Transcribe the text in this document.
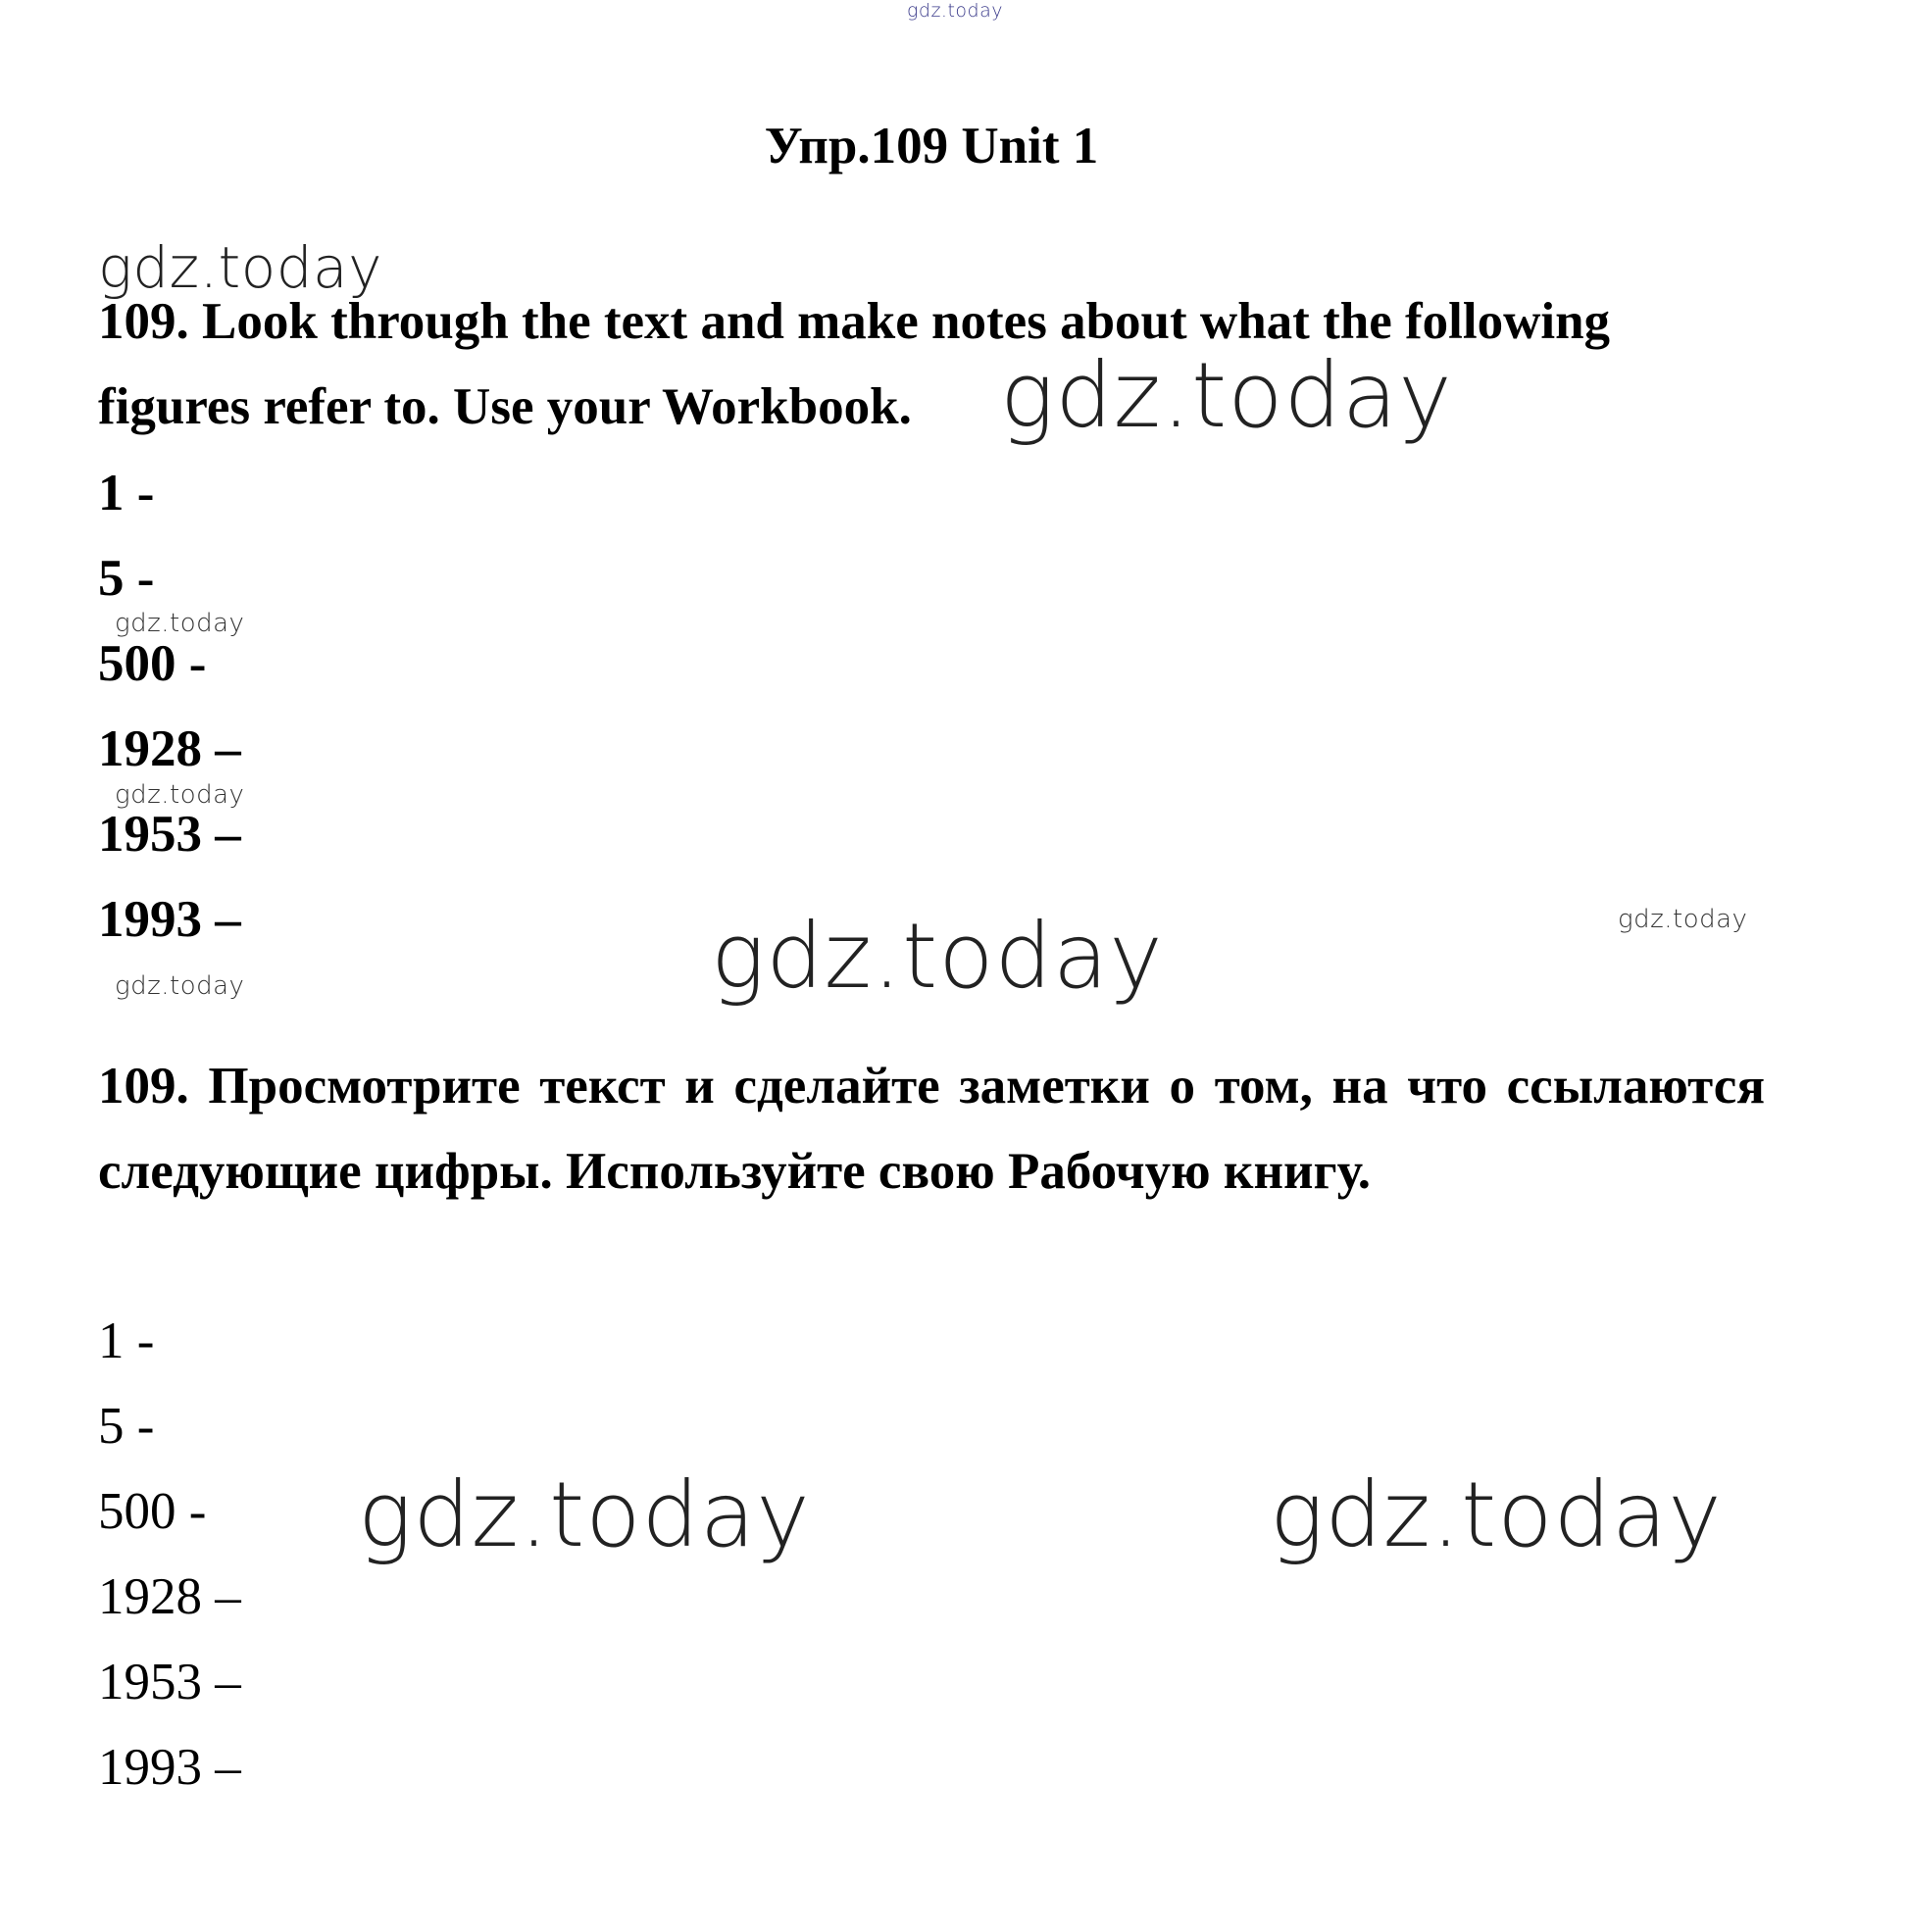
gdz.today
Упр.109 Unit 1
gdz.today
109. Look through the text and make notes about what the following figures refer to. Use your Workbook. gdz.today
1 -
5 -
gdz.today
500 -
1928 –
gdz.today
1953 –
1993 –	gdz.today	gdz.today
gdz.today
109. Просмотрите текст и сделайте заметки о том, на что ссылаются следующие цифры. Используйте свою Рабочую книгу.
1 -
5 -
500 -
1928 –
1953 –
1993 –
gdz.today	gdz.today
